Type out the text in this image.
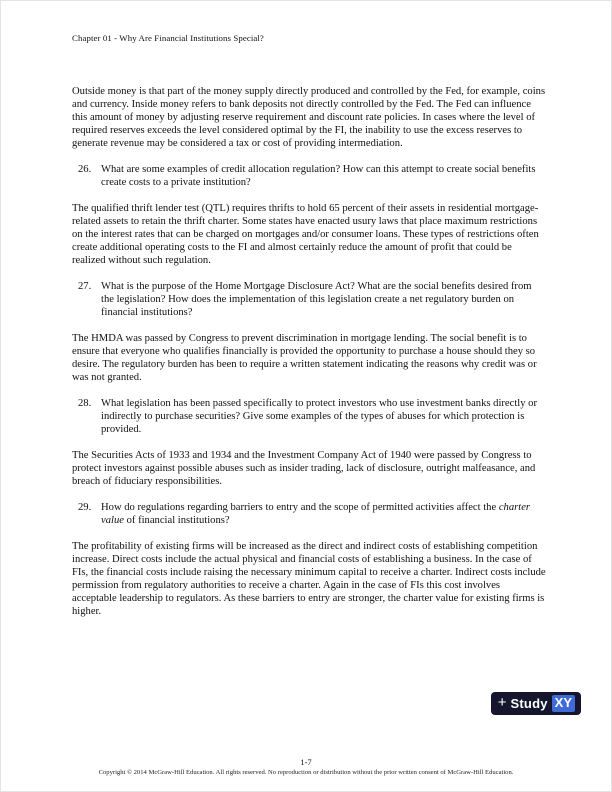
Chapter 01 - Why Are Financial Institutions Special?

Outside money is that part of the money supply directly produced and controlled by the Fed, for example, coins and currency. Inside money refers to bank deposits not directly controlled by the Fed. The Fed can influence this amount of money by adjusting reserve requirement and discount rate policies. In cases where the level of required reserves exceeds the level considered optimal by the FI, the inability to use the excess reserves to generate revenue may be considered a tax or cost of providing intermediation.

26. What are some examples of credit allocation regulation? How can this attempt to create social benefits create costs to a private institution?

The qualified thrift lender test (QTL) requires thrifts to hold 65 percent of their assets in residential mortgage-related assets to retain the thrift charter. Some states have enacted usury laws that place maximum restrictions on the interest rates that can be charged on mortgages and/or consumer loans. These types of restrictions often create additional operating costs to the FI and almost certainly reduce the amount of profit that could be realized without such regulation.

27. What is the purpose of the Home Mortgage Disclosure Act? What are the social benefits desired from the legislation? How does the implementation of this legislation create a net regulatory burden on financial institutions?

The HMDA was passed by Congress to prevent discrimination in mortgage lending. The social benefit is to ensure that everyone who qualifies financially is provided the opportunity to purchase a house should they so desire. The regulatory burden has been to require a written statement indicating the reasons why credit was or was not granted.

28. What legislation has been passed specifically to protect investors who use investment banks directly or indirectly to purchase securities? Give some examples of the types of abuses for which protection is provided.

The Securities Acts of 1933 and 1934 and the Investment Company Act of 1940 were passed by Congress to protect investors against possible abuses such as insider trading, lack of disclosure, outright malfeasance, and breach of fiduciary responsibilities.

29. How do regulations regarding barriers to entry and the scope of permitted activities affect the charter value of financial institutions?

The profitability of existing firms will be increased as the direct and indirect costs of establishing competition increase. Direct costs include the actual physical and financial costs of establishing a business. In the case of FIs, the financial costs include raising the necessary minimum capital to receive a charter. Indirect costs include permission from regulatory authorities to receive a charter. Again in the case of FIs this cost involves acceptable leadership to regulators. As these barriers to entry are stronger, the charter value for existing firms is higher.

+ Study XY
1-7
Copyright © 2014 McGraw-Hill Education. All rights reserved. No reproduction or distribution without the prior written consent of McGraw-Hill Education.
